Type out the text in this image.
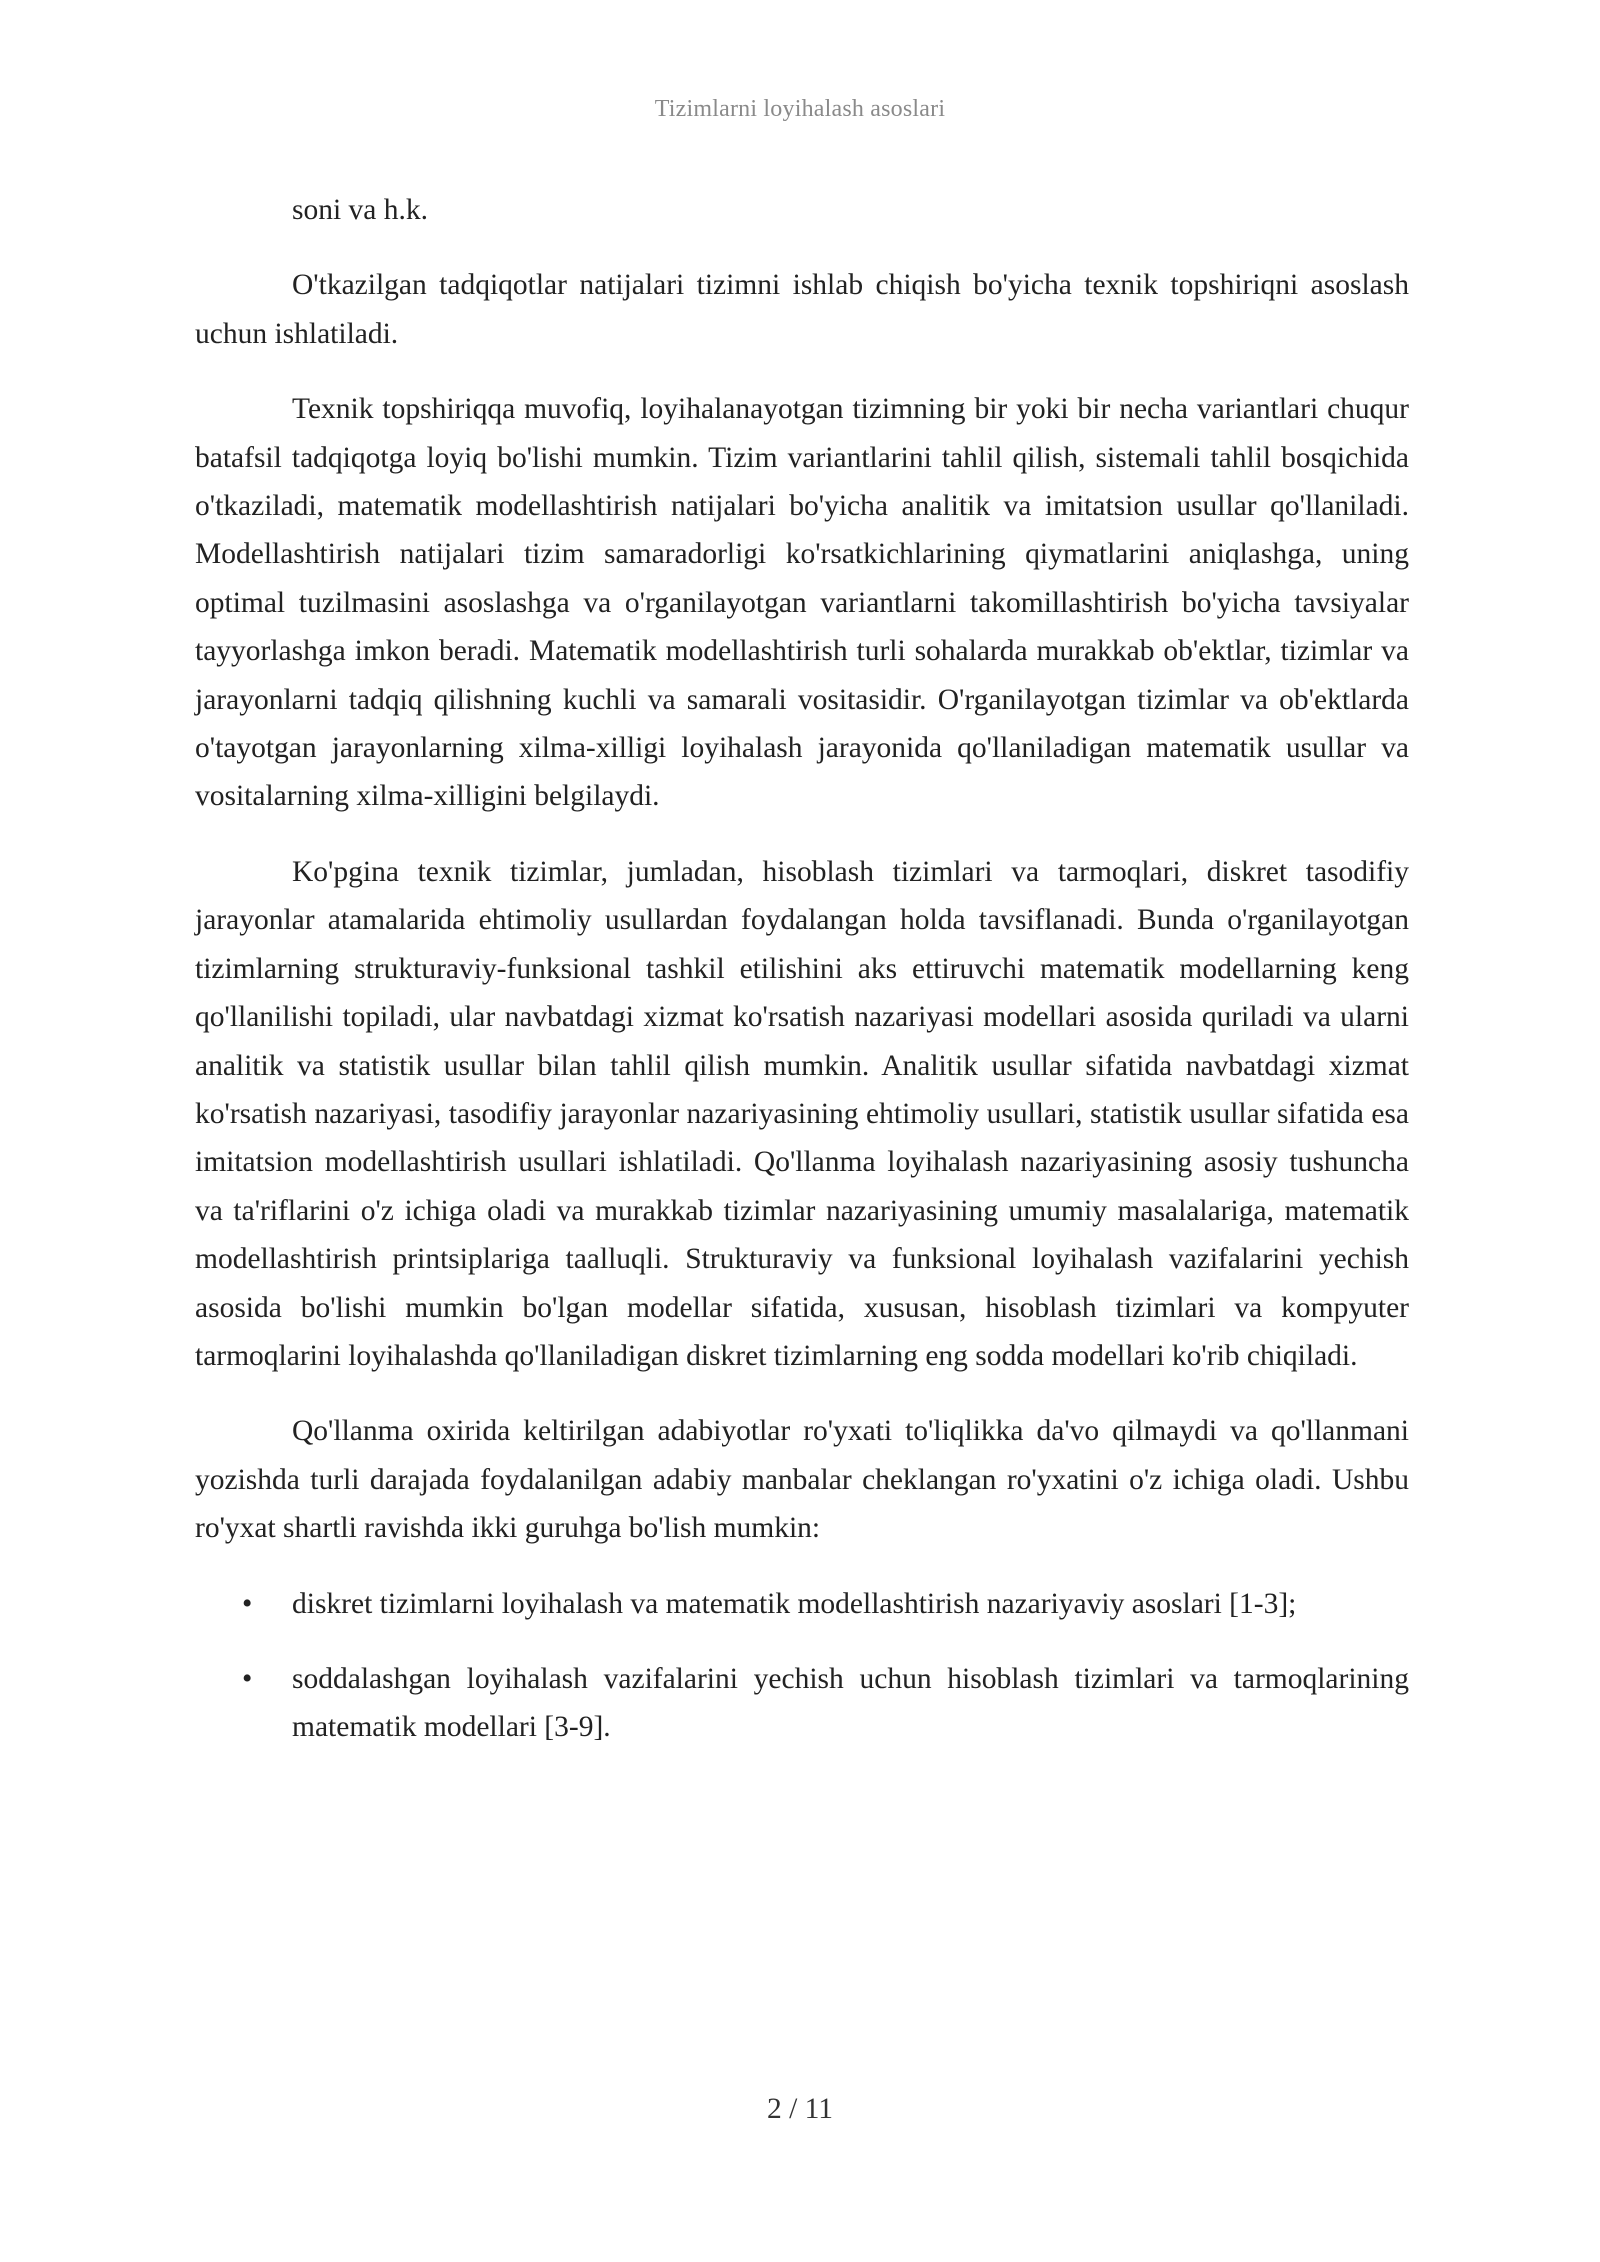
Tizimlarni loyihalash asoslari

soni va h.k.

O'tkazilgan tadqiqotlar natijalari tizimni ishlab chiqish bo'yicha texnik topshiriqni asoslash uchun ishlatiladi.

Texnik topshiriqqa muvofiq, loyihalanayotgan tizimning bir yoki bir necha variantlari chuqur batafsil tadqiqotga loyiq bo'lishi mumkin. Tizim variantlarini tahlil qilish, sistemali tahlil bosqichida o'tkaziladi, matematik modellashtirish natijalari bo'yicha analitik va imitatsion usullar qo'llaniladi. Modellashtirish natijalari tizim samaradorligi ko'rsatkichlarining qiymatlarini aniqlashga, uning optimal tuzilmasini asoslashga va o'rganilayotgan variantlarni takomillashtirish bo'yicha tavsiyalar tayyorlashga imkon beradi. Matematik modellashtirish turli sohalarda murakkab ob'ektlar, tizimlar va jarayonlarni tadqiq qilishning kuchli va samarali vositasidir. O'rganilayotgan tizimlar va ob'ektlarda o'tayotgan jarayonlarning xilma-xilligi loyihalash jarayonida qo'llaniladigan matematik usullar va vositalarning xilma-xilligini belgilaydi.

Ko'pgina texnik tizimlar, jumladan, hisoblash tizimlari va tarmoqlari, diskret tasodifiy jarayonlar atamalarida ehtimoliy usullardan foydalangan holda tavsiflanadi. Bunda o'rganilayotgan tizimlarning strukturaviy-funksional tashkil etilishini aks ettiruvchi matematik modellarning keng qo'llanilishi topiladi, ular navbatdagi xizmat ko'rsatish nazariyasi modellari asosida quriladi va ularni analitik va statistik usullar bilan tahlil qilish mumkin. Analitik usullar sifatida navbatdagi xizmat ko'rsatish nazariyasi, tasodifiy jarayonlar nazariyasining ehtimoliy usullari, statistik usullar sifatida esa imitatsion modellashtirish usullari ishlatiladi. Qo'llanma loyihalash nazariyasining asosiy tushuncha va ta'riflarini o'z ichiga oladi va murakkab tizimlar nazariyasining umumiy masalalariga, matematik modellashtirish printsiplariga taalluqli. Strukturaviy va funksional loyihalash vazifalarini yechish asosida bo'lishi mumkin bo'lgan modellar sifatida, xususan, hisoblash tizimlari va kompyuter tarmoqlarini loyihalashda qo'llaniladigan diskret tizimlarning eng sodda modellari ko'rib chiqiladi.

Qo'llanma oxirida keltirilgan adabiyotlar ro'yxati to'liqlikka da'vo qilmaydi va qo'llanmani yozishda turli darajada foydalanilgan adabiy manbalar cheklangan ro'yxatini o'z ichiga oladi. Ushbu ro'yxat shartli ravishda ikki guruhga bo'lish mumkin:

• diskret tizimlarni loyihalash va matematik modellashtirish nazariyaviy asoslari [1-3];
• soddalashgan loyihalash vazifalarini yechish uchun hisoblash tizimlari va tarmoqlarining matematik modellari [3-9].
2 / 11
